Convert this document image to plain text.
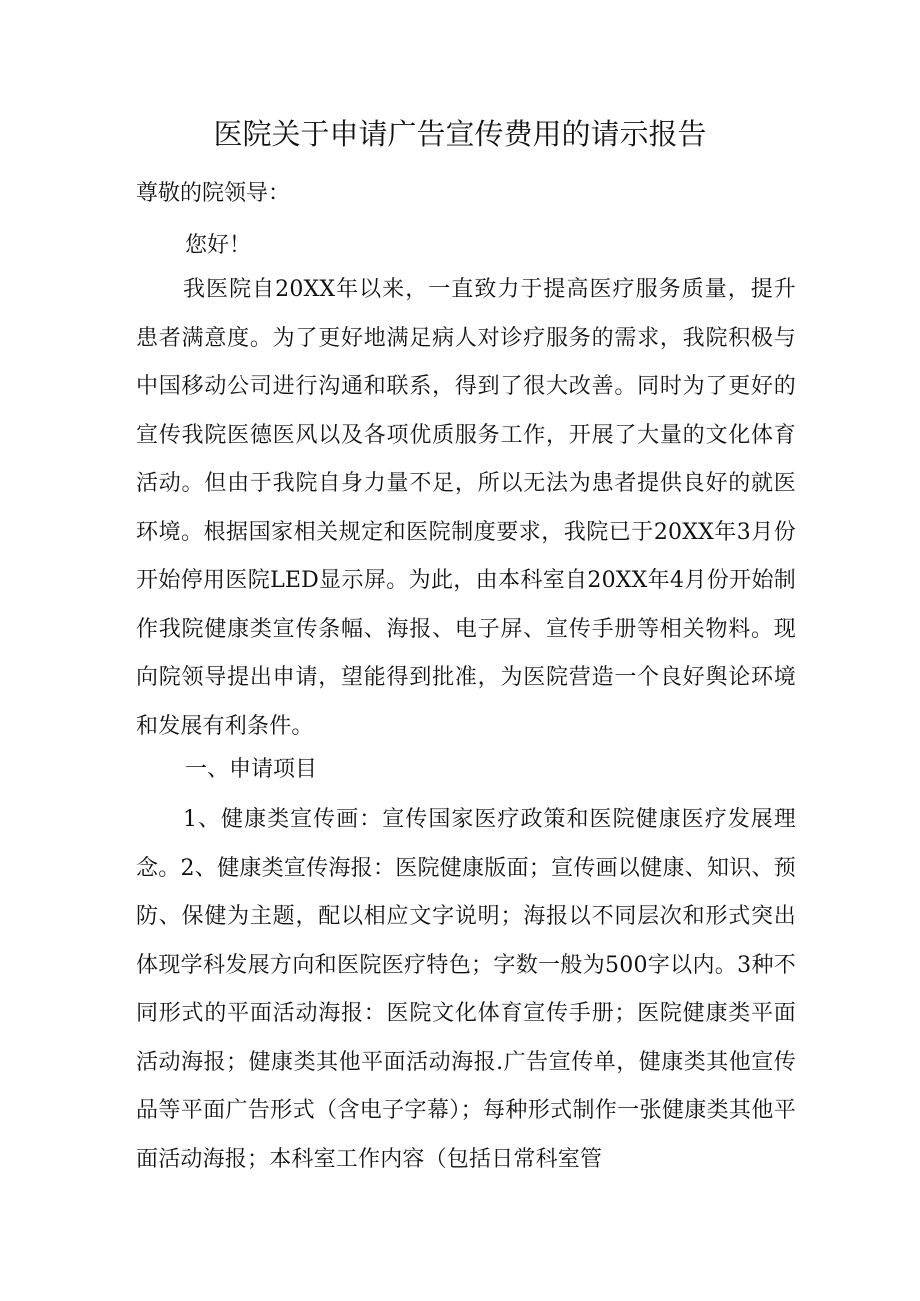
医院关于申请广告宣传费用的请示报告
尊敬的院领导：
您好！

我医院自20XX年以来，一直致力于提高医疗服务质量，提升患者满意度。为了更好地满足病人对诊疗服务的需求，我院积极与中国移动公司进行沟通和联系，得到了很大改善。同时为了更好的宣传我院医德医风以及各项优质服务工作，开展了大量的文化体育活动。但由于我院自身力量不足，所以无法为患者提供良好的就医环境。根据国家相关规定和医院制度要求，我院已于20XX年3月份开始停用医院LED显示屏。为此，由本科室自20XX年4月份开始制作我院健康类宣传条幅、海报、电子屏、宣传手册等相关物料。现向院领导提出申请，望能得到批准，为医院营造一个良好舆论环境和发展有利条件。

一、申请项目

1、健康类宣传画：宣传国家医疗政策和医院健康医疗发展理念。2、健康类宣传海报：医院健康版面；宣传画以健康、知识、预防、保健为主题，配以相应文字说明；海报以不同层次和形式突出体现学科发展方向和医院医疗特色；字数一般为500字以内。3种不同形式的平面活动海报：医院文化体育宣传手册；医院健康类平面活动海报；健康类其他平面活动海报.广告宣传单，健康类其他宣传品等平面广告形式（含电子字幕）；每种形式制作一张健康类其他平面活动海报；本科室工作内容（包括日常科室管
